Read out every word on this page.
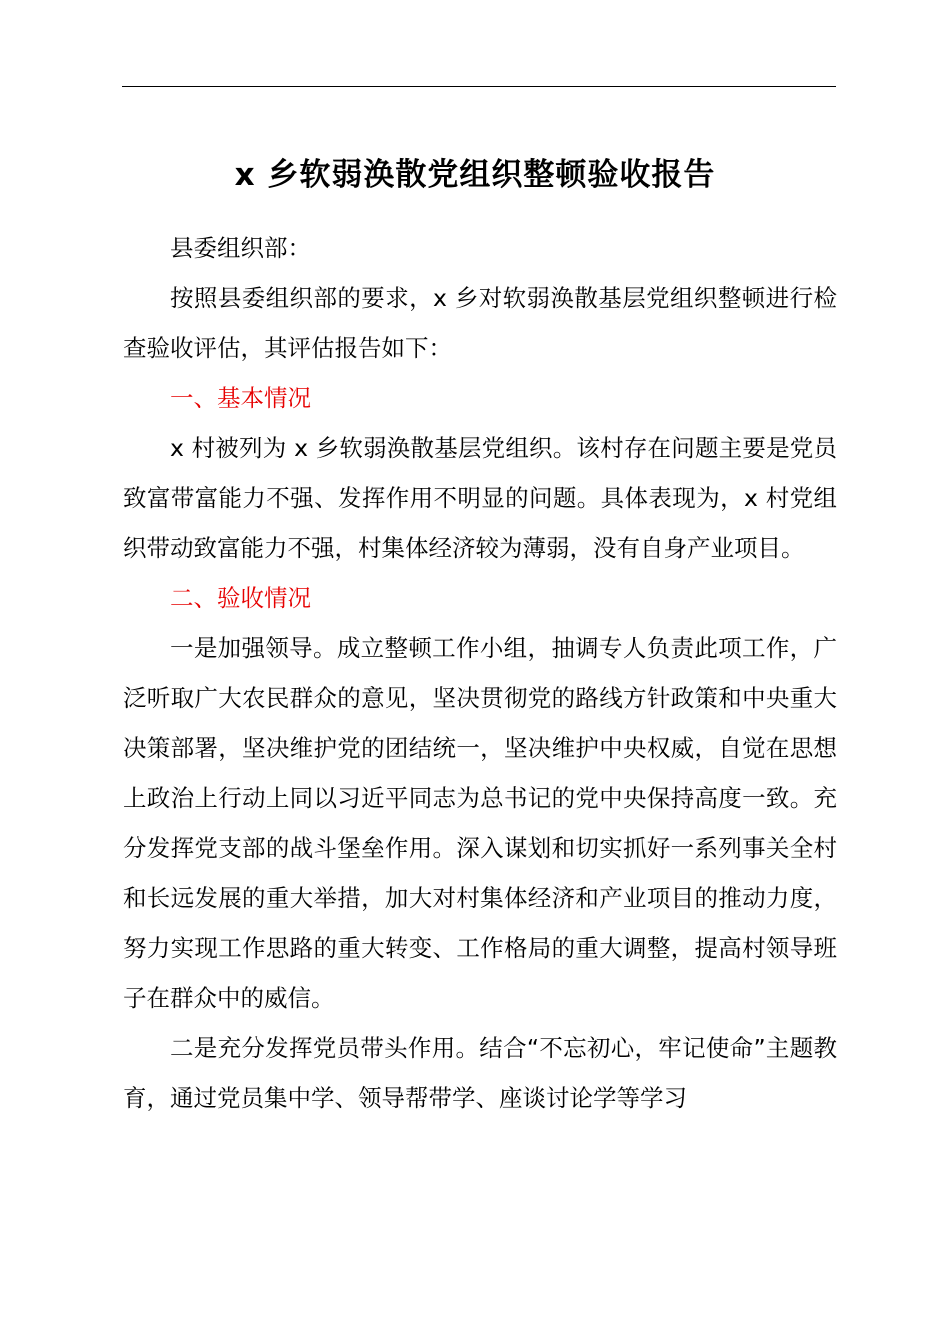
x 乡软弱涣散党组织整顿验收报告

县委组织部：

按照县委组织部的要求，x 乡对软弱涣散基层党组织整顿进行检查验收评估，其评估报告如下：

一、基本情况

x 村被列为 x 乡软弱涣散基层党组织。该村存在问题主要是党员致富带富能力不强、发挥作用不明显的问题。具体表现为，x 村党组织带动致富能力不强，村集体经济较为薄弱，没有自身产业项目。

二、验收情况

一是加强领导。成立整顿工作小组，抽调专人负责此项工作，广泛听取广大农民群众的意见，坚决贯彻党的路线方针政策和中央重大决策部署，坚决维护党的团结统一，坚决维护中央权威，自觉在思想上政治上行动上同以习近平同志为总书记的党中央保持高度一致。充分发挥党支部的战斗堡垒作用。深入谋划和切实抓好一系列事关全村和长远发展的重大举措，加大对村集体经济和产业项目的推动力度，努力实现工作思路的重大转变、工作格局的重大调整，提高村领导班子在群众中的威信。

二是充分发挥党员带头作用。结合“不忘初心，牢记使命”主题教育，通过党员集中学、领导帮带学、座谈讨论学等学习
